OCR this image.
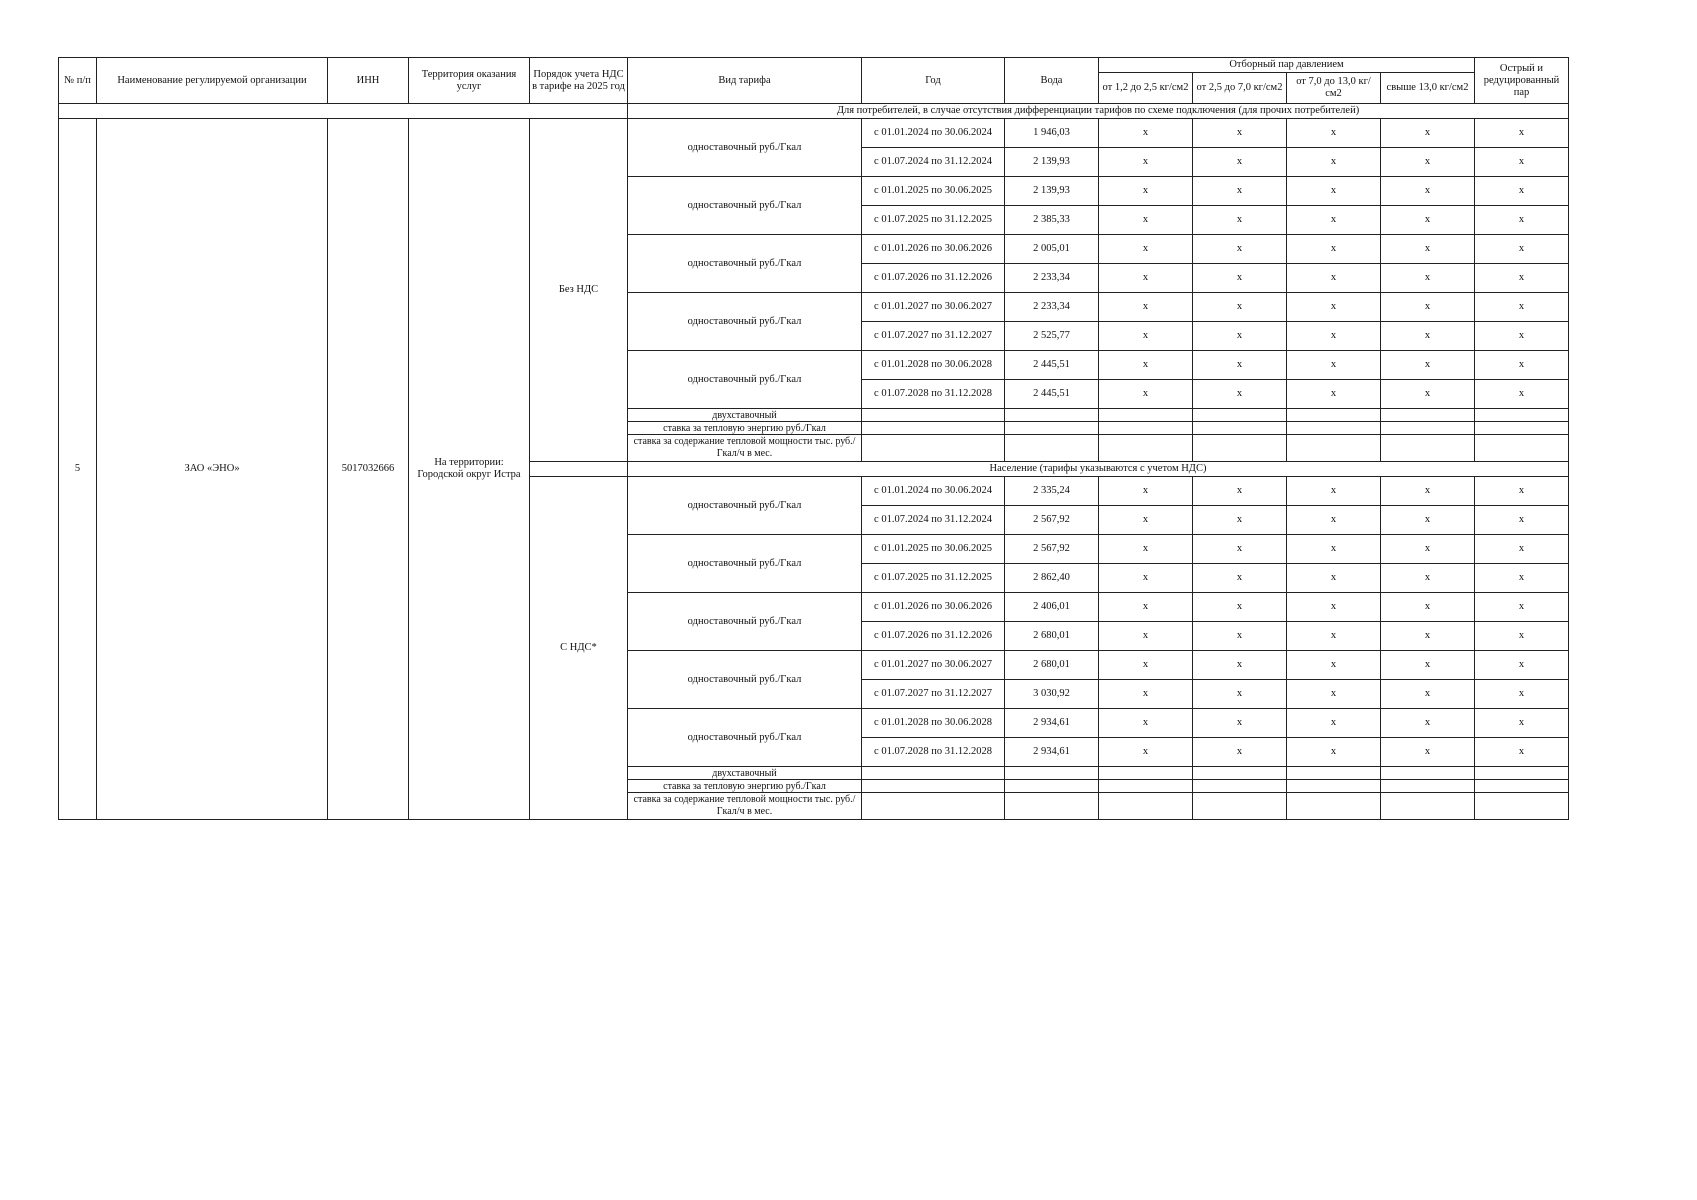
№ п/п	Наименование регулируемой организации	ИНН	Территория оказания услуг	Порядок учета НДС в тарифе на 2025 год	Вид тарифа	Год	Вода	Отборный пар давлением				Острый и редуцированный пар
								от 1,2 до 2,5 кг/см2	от 2,5 до 7,0 кг/см2	от 7,0 до 13,0 кг/см2	свыше 13,0 кг/см2	
					Для потребителей, в случае отсутствия дифференциации тарифов по схеме подключения (для прочих потребителей)							
5	ЗАО «ЭНО»	5017032666	На территории: Городской округ Истра	Без НДС	одноставочный руб./Гкал	с 01.01.2024 по 30.06.2024	1 946,03	x	x	x	x	x
						с 01.07.2024 по 31.12.2024	2 139,93	x	x	x	x	x
					одноставочный руб./Гкал	с 01.01.2025 по 30.06.2025	2 139,93	x	x	x	x	x
						с 01.07.2025 по 31.12.2025	2 385,33	x	x	x	x	x
					одноставочный руб./Гкал	с 01.01.2026 по 30.06.2026	2 005,01	x	x	x	x	x
						с 01.07.2026 по 31.12.2026	2 233,34	x	x	x	x	x
					одноставочный руб./Гкал	с 01.01.2027 по 30.06.2027	2 233,34	x	x	x	x	x
						с 01.07.2027 по 31.12.2027	2 525,77	x	x	x	x	x
					одноставочный руб./Гкал	с 01.01.2028 по 30.06.2028	2 445,51	x	x	x	x	x
						с 01.07.2028 по 31.12.2028	2 445,51	x	x	x	x	x
					двухставочный							
					ставка за тепловую энергию руб./Гкал							
					ставка за содержание тепловой мощности тыс. руб./Гкал/ч в мес.							
					Население (тарифы указываются с учетом НДС)							
				С НДС*	одноставочный руб./Гкал	с 01.01.2024 по 30.06.2024	2 335,24	x	x	x	x	x
						с 01.07.2024 по 31.12.2024	2 567,92	x	x	x	x	x
					одноставочный руб./Гкал	с 01.01.2025 по 30.06.2025	2 567,92	x	x	x	x	x
						с 01.07.2025 по 31.12.2025	2 862,40	x	x	x	x	x
					одноставочный руб./Гкал	с 01.01.2026 по 30.06.2026	2 406,01	x	x	x	x	x
						с 01.07.2026 по 31.12.2026	2 680,01	x	x	x	x	x
					одноставочный руб./Гкал	с 01.01.2027 по 30.06.2027	2 680,01	x	x	x	x	x
						с 01.07.2027 по 31.12.2027	3 030,92	x	x	x	x	x
					одноставочный руб./Гкал	с 01.01.2028 по 30.06.2028	2 934,61	x	x	x	x	x
						с 01.07.2028 по 31.12.2028	2 934,61	x	x	x	x	x
					двухставочный							
					ставка за тепловую энергию руб./Гкал							
					ставка за содержание тепловой мощности тыс. руб./Гкал/ч в мес.							
